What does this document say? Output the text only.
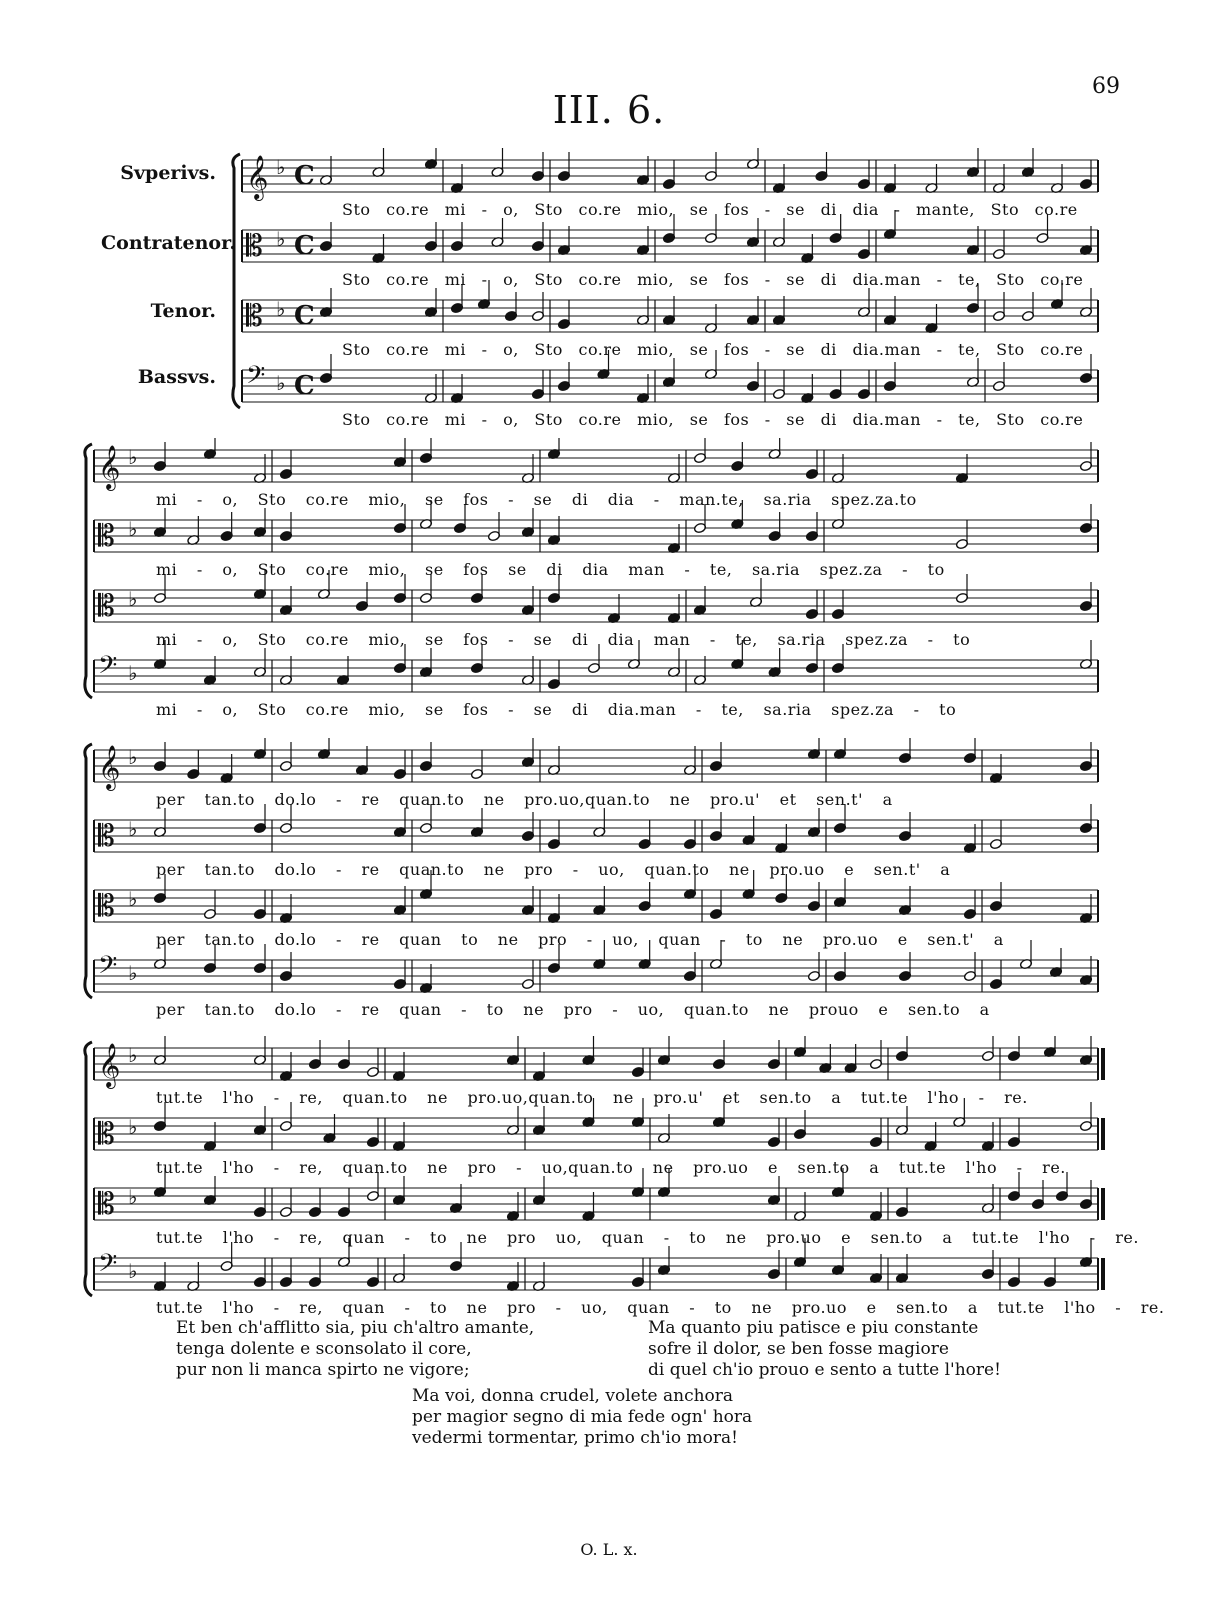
69
III. 6.
Svperivs.
Contratenor.
Tenor.
Bassvs.
𝄞 ♭ C
𝄡 ♭ C
𝄡 ♭ C
𝄢 ♭ C
Sto co.re mi - o, Sto co.re mio, se fos - se di dia - mante, Sto co.re
Sto co.re mi - o, Sto co.re mio, se fos - se di dia.man - te, Sto co.re
Sto co.re mi - o, Sto co.re mio, se fos - se di dia.man - te, Sto co.re
Sto co.re mi - o, Sto co.re mio, se fos - se di dia.man - te, Sto co.re
𝄞 ♭
𝄡 ♭
𝄡 ♭
𝄢 ♭
mi - o, Sto co.re mio, se fos - se di dia - man.te, sa.ria spez.za.to
mi - o, Sto co.re mio, se fos se di dia man - te, sa.ria spez.za - to
mi - o, Sto co.re mio, se fos - se di dia man - te, sa.ria spez.za - to
mi - o, Sto co.re mio, se fos - se di dia.man - te, sa.ria spez.za - to
𝄞 ♭
𝄡 ♭
𝄡 ♭
𝄢 ♭
per tan.to do.lo - re quan.to ne pro.uo,quan.to ne pro.u' et sen.t' a
per tan.to do.lo - re quan.to ne pro - uo, quan.to ne pro.uo e sen.t' a
per tan.to do.lo - re quan to ne pro - uo, quan - to ne pro.uo e sen.t' a
per tan.to do.lo - re quan - to ne pro - uo, quan.to ne prouo e sen.to a
𝄞 ♭
𝄡 ♭
𝄡 ♭
𝄢 ♭
tut.te l'ho - re, quan.to ne pro.uo,quan.to ne pro.u' et sen.to a tut.te l'ho - re.
tut.te l'ho - re, quan.to ne pro - uo,quan.to ne pro.uo e sen.to a tut.te l'ho - re.
tut.te l'ho - re, quan - to ne pro uo, quan - to ne pro.uo e sen.to a tut.te l'ho - re.
tut.te l'ho - re, quan - to ne pro - uo, quan - to ne pro.uo e sen.to a tut.te l'ho - re.
Et ben ch'afflitto sia, piu ch'altro amante,
tenga dolente e sconsolato il core,
pur non li manca spirto ne vigore;
Ma quanto piu patisce e piu constante
sofre il dolor, se ben fosse magiore
di quel ch'io prouo e sento a tutte l'hore!
Ma voi, donna crudel, volete anchora
per magior segno di mia fede ogn' hora
vedermi tormentar, primo ch'io mora!
O. L. x.
